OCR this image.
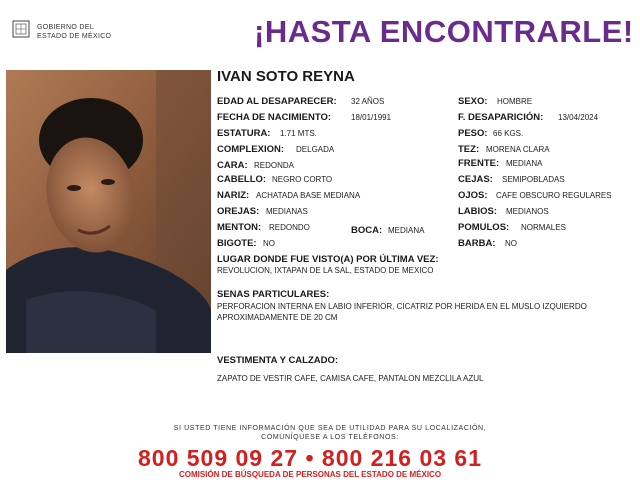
GOBIERNO DEL
ESTADO DE MÉXICO	¡HASTA ENCONTRARLE!
IVAN SOTO REYNA
EDAD AL DESAPARECER: 32 AÑOS
FECHA DE NACIMIENTO:	18/01/1991
ESTATURA: 1.71 MTS.
COMPLEXION: DELGADA
CARA: REDONDA
CABELLO: NEGRO CORTO
NARIZ: ACHATADA BASE MEDIANA
OREJAS: MEDIANAS
MENTON: REDONDO	BOCA: MEDIANA
BIGOTE: NO
SEXO: HOMBRE
F. DESAPARICIÓN: 13/04/2024
PESO: 66 KGS.
TEZ: MORENA CLARA
FRENTE: MEDIANA
CEJAS: SEMIPOBLADAS
OJOS: CAFE OBSCURO REGULARES
LABIOS: MEDIANOS
POMULOS: NORMALES
BARBA: NO
LUGAR DONDE FUE VISTO(A) POR ÚLTIMA VEZ:
REVOLUCION, IXTAPAN DE LA SAL, ESTADO DE MEXICO
SENAS PARTICULARES:
PERFORACION INTERNA EN LABIO INFERIOR, CICATRIZ POR HERIDA EN EL MUSLO IZQUIERDO APROXIMADAMENTE DE 20 CM
VESTIMENTA Y CALZADO:
ZAPATO DE VESTIR CAFE, CAMISA CAFE, PANTALON MEZCLILA AZUL
SI USTED TIENE INFORMACIÓN QUE SEA DE UTILIDAD PARA SU LOCALIZACIÓN,
COMUNÍQUESE A LOS TELÉFONOS:
800 509 09 27 • 800 216 03 61
COMISIÓN DE BÚSQUEDA DE PERSONAS DEL ESTADO DE MÉXICO
